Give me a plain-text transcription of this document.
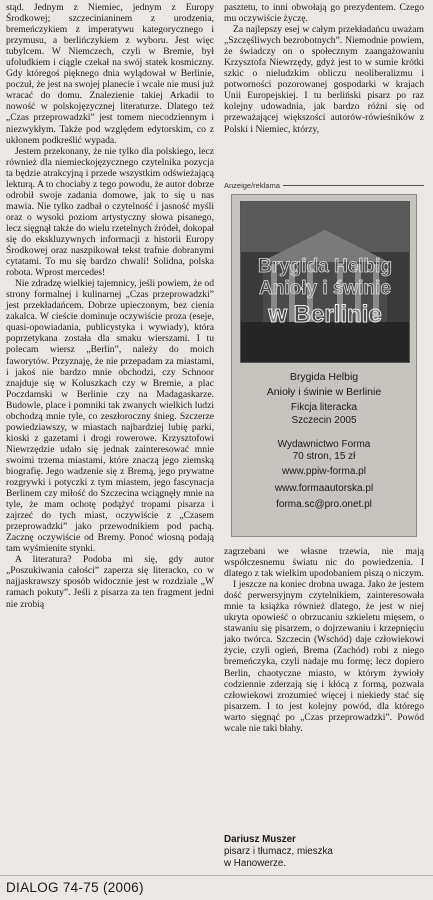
stąd. Jednym z Niemiec, jednym z Europy Środkowej; szczecinianinem z urodzenia, bremeńczykiem z imperatywu kategorycznego i przymusu, a berlińczykiem z wyboru. Jest więc tubylcem. W Niemczech, czyli w Bremie, był ufoludkiem i ciągle czekał na swój statek kosmiczny. Gdy któregoś pięknego dnia wylądował w Berlinie, poczuł, że jest na swojej planecie i wcale nie musi już wracać do domu. Znalezienie takiej Arkadii to nowość w polskojęzycznej literaturze. Dlatego też „Czas przeprowadzki” jest tomem niecodziennym i niezwykłym. Także pod względem edytorskim, co z ukłonem podkreślić wypada.

Jestem przekonany, że nie tylko dla polskiego, lecz również dla niemieckojęzycznego czytelnika pozycja ta będzie atrakcyjną i przede wszystkim odświeżającą lekturą. A to chociaby z tego powodu, że autor dobrze odrobił swoje zadania domowe, jak to się u nas mawia. Nie tylko zadbał o czytelność i jasność myśli oraz o wysoki poziom artystyczny słowa pisanego, lecz sięgnął także do wielu rzetelnych źródeł, dokopał się do ekskluzywnych informacji z historii Europy Środkowej oraz naszpikował tekst trafnie dobranymi cytatami. To mu się bardzo chwali! Solidna, polska robota. Wprost mercedes!

Nie zdradzę wielkiej tajemnicy, jeśli powiem, że od strony formalnej i kulinarnej „Czas przeprowadzki” jest przekładańcem. Dobrze upieczonym, bez cienia zakalca. W cieście dominuje oczywiście proza (eseje, quasi-opowiadania, publicystyka i wywiady), która poprzetykana została dla smaku wierszami. I tu polecam wiersz „Berlin”, należy do moich faworytów. Przyznaję, że nie przepadam za miastami, i jakoś nie bardzo mnie obchodzi, czy Schnoor znajduje się w Koluszkach czy w Bremie, a plac Poczdamski w Berlinie czy na Madagaskarze. Budowle, place i pomniki tak zwanych wielkich ludzi obchodzą mnie tyle, co zeszłoroczny śnieg. Szczerze powiedziawszy, w miastach najbardziej lubię parki, kioski z gazetami i drogi rowerowe. Krzysztofowi Niewrzędzie udało się jednak zainteresować mnie swoimi trzema miastami, które znaczą jego ziemską biografię. Jego wadzenie się z Bremą, jego prywatne rozgrywki i potyczki z tym miastem, jego fascynacja Berlinem czy miłość do Szczecina wciągnęły mnie na tyle, że mam ochotę podążyć tropami pisarza i zajrzeć do tych miast, oczywiście z „Czasem przeprowadzki” jako przewodnikiem pod pachą. Zacznę oczywiście od Bremy. Ponoć wiosną podają tam wyśmienite stynki.

A literatura? Podoba mi się, gdy autor „Poszukiwania całości” zaperza się literacko, co w najjaskrawszy sposób widocznie jest w rozdziale „W ramach pokuty”. Jeśli z pisarza za ten fragment jedni nie zrobią

pasztetu, to inni obwołają go prezydentem. Czego mu oczywiście życzę.

Za najlepszy esej w całym przekładańcu uważam „Szczęśliwych bezrobotnych”. Niemodnie powiem, że świadczy on o społecznym zaangażowaniu Krzysztofa Niewrzędy, gdyż jest to w sumie krótki szkic o nieludzkim obliczu neoliberalizmu i potworności pozorowanej gospodarki w krajach Unii Europejskiej. I tu berliński pisarz po raz kolejny udowadnia, jak bardzo różni się od przeważającej większości autorów-rówieśników z Polski i Niemiec, którzy,

Anzeige/reklama
Brygida Helbig
Anioły i świnie
w Berlinie
Brygida Helbig
Anioły i świnie w Berlinie
Fikcja literacka
Szczecin 2005
Wydawnictwo Forma
70 stron, 15 zł
www.ppiw-forma.pl
www.formaautorska.pl
forma.sc@pro.onet.pl

zagrzebani we własne trzewia, nie mają współczesnemu światu nic do powiedzenia. I dlatego z tak wielkim upodobaniem piszą o niczym.

I jeszcze na koniec drobna uwaga. Jako że jestem dość perwersyjnym czytelnikiem, zainteresowała mnie ta książka również dlatego, że jest w niej ukryta opowieść o obrzucaniu szkieletu mięsem, o stawaniu się pisarzem, o dojrzewaniu i krzepnięciu jako twórca. Szczecin (Wschód) daje człowiekowi życie, czyli ogień, Brema (Zachód) robi z niego bremeńczyka, czyli nadaje mu formę; lecz dopiero Berlin, chaotyczne miasto, w którym żywioły codziennie zderzają się i kłócą z formą, pozwala człowiekowi zrozumieć więcej i niekiedy stać się pisarzem. I to jest kolejny powód, dla którego warto sięgnąć po „Czas przeprowadzki”. Powód wcale nie taki błahy.

Dariusz Muszer
pisarz i tłumacz, mieszka
w Hanowerze.
DIALOG 74-75 (2006)
